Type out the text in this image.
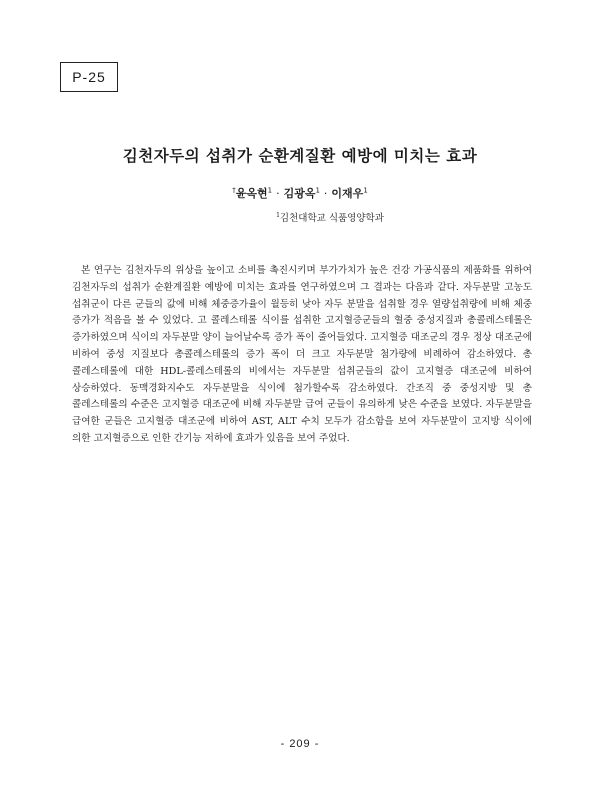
P-25
김천자두의 섭취가 순환계질환 예방에 미치는 효과
†윤옥현$^1$ · 김광옥$^1$ · 이재우$^1$
$^1$김천대학교 식품영양학과

본 연구는 김천자두의 위상을 높이고 소비를 촉진시키며 부가가치가 높은 건강 가공식품의 제품화를 위하여 김천자두의 섭취가 순환계질환 예방에 미치는 효과를 연구하였으며 그 결과는 다음과 같다. 자두분말 고농도 섭취군이 다른 군들의 값에 비해 체중증가율이 월등히 낮아 자두 분말을 섭취할 경우 열량섭취량에 비해 체중 증가가 적음을 볼 수 있었다. 고 콜레스테롤 식이를 섭취한 고지혈증군들의 혈중 중성지질과 총콜레스테롤은 증가하였으며 식이의 자두분말 양이 늘어날수록 증가 폭이 줄어들었다. 고지혈증 대조군의 경우 정상 대조군에 비하여 중성 지질보다 총콜레스테롤의 증가 폭이 더 크고 자두분말 첨가량에 비례하여 감소하였다. 총 콜레스테롤에 대한 HDL-콜레스테롤의 비에서는 자두분말 섭취군들의 값이 고지혈증 대조군에 비하여 상승하였다. 동맥경화지수도 자두분말을 식이에 첨가할수록 감소하였다. 간조직 중 중성지방 및 총 콜레스테롤의 수준은 고지혈증 대조군에 비해 자두분말 급여 군들이 유의하게 낮은 수준을 보였다. 자두분말을 급여한 군들은 고지혈증 대조군에 비하여 AST, ALT 수치 모두가 감소함을 보여 자두분말이 고지방 식이에 의한 고지혈증으로 인한 간기능 저하에 효과가 있음을 보여 주었다.

- 209 -
